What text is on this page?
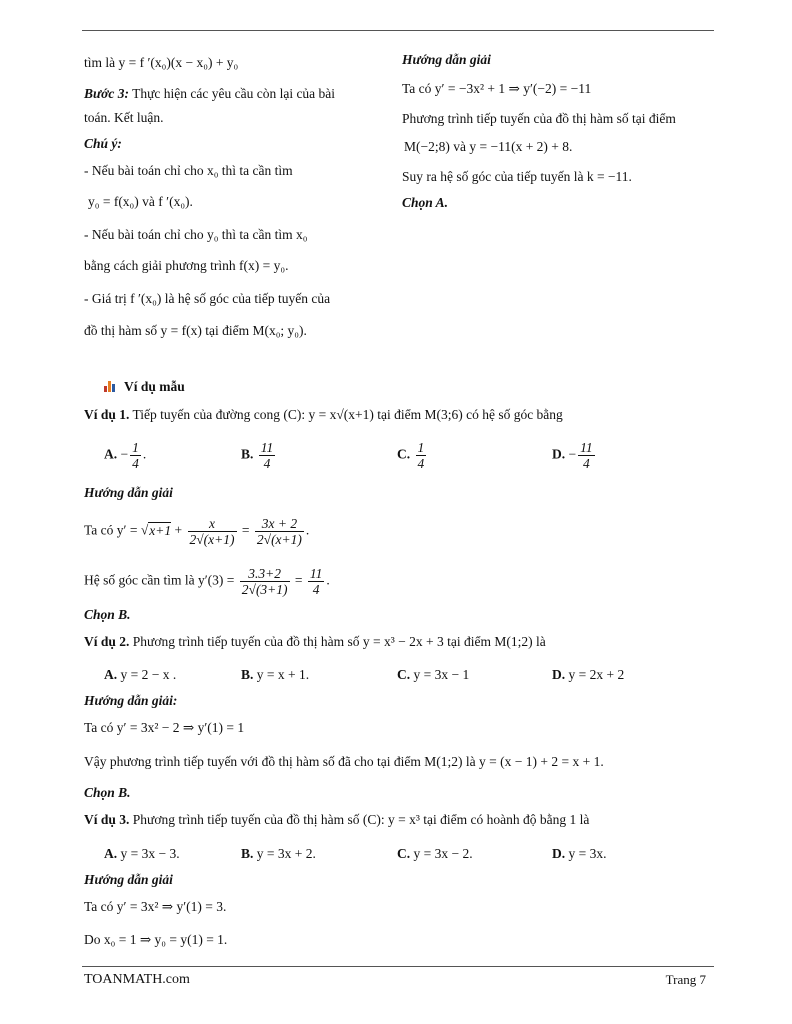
tìm là y = f ′(x₀)(x − x₀) + y₀
Bước 3: Thực hiện các yêu cầu còn lại của bài
toán. Kết luận.
Chú ý:
- Nếu bài toán chỉ cho x₀ thì ta cần tìm
y₀ = f(x₀) và f ′(x₀).
- Nếu bài toán chỉ cho y₀ thì ta cần tìm x₀
bằng cách giải phương trình f(x) = y₀.
- Giá trị f ′(x₀) là hệ số góc của tiếp tuyến của
đồ thị hàm số y = f(x) tại điểm M(x₀; y₀).
Hướng dẫn giải
Ta có y′ = −3x² + 1 ⇒ y′(−2) = −11
Phương trình tiếp tuyến của đồ thị hàm số tại điểm
M(−2;8) và y = −11(x + 2) + 8.
Suy ra hệ số góc của tiếp tuyến là k = −11.
Chọn A.
Ví dụ mẫu
Ví dụ 1. Tiếp tuyến của đường cong (C): y = x√(x+1) tại điểm M(3;6) có hệ số góc bằng
A. − $\frac{1}{4}$ .	B. $\frac{11}{4}$	C. $\frac{1}{4}$	D. − $\frac{11}{4}$
Hướng dẫn giải
Ta có $y' = √x+1 + \frac{x}{2√(x+1)} = \frac{3x + 2}{2√(x+1)}$ .
Hệ số góc cần tìm là $y'(3) = \frac{3.3+2}{2√(3+1)} = \frac{11}{4}$ .
Chọn B.
Ví dụ 2. Phương trình tiếp tuyến của đồ thị hàm số y = x³ − 2x + 3 tại điểm M(1;2) là
A. y = 2 − x .	B. y = x + 1.	C. y = 3x − 1	D. y = 2x + 2
Hướng dẫn giải:
Ta có y′ = 3x² − 2 ⇒ y′(1) = 1
Vậy phương trình tiếp tuyến với đồ thị hàm số đã cho tại điểm M(1;2) là y = (x − 1) + 2 = x + 1.
Chọn B.
Ví dụ 3. Phương trình tiếp tuyến của đồ thị hàm số (C): y = x³ tại điểm có hoành độ bằng 1 là
A. y = 3x − 3.	B. y = 3x + 2.	C. y = 3x − 2.	D. y = 3x.
Hướng dẫn giải
Ta có y′ = 3x² ⇒ y′(1) = 3.
Do x₀ = 1 ⇒ y₀ = y(1) = 1.
TOANMATH.com	Trang 7
